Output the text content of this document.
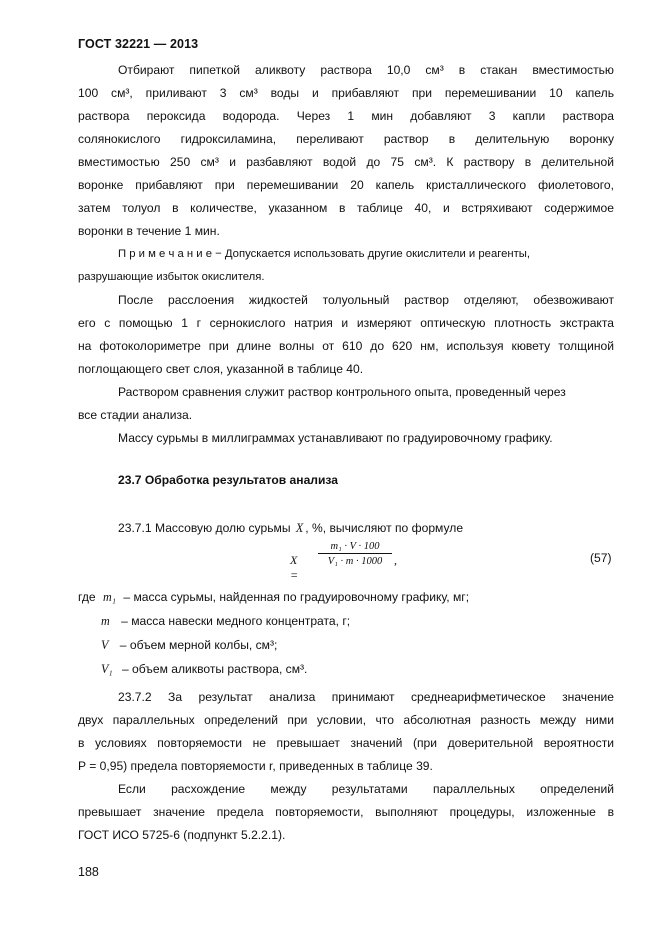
ГОСТ 32221 — 2013
Отбирают пипеткой аликвоту раствора 10,0 см³ в стакан вместимостью
100 см³, приливают 3 см³ воды и прибавляют при перемешивании 10 капель
раствора пероксида водорода. Через 1 мин добавляют 3 капли раствора
солянокислого гидроксиламина, переливают раствор в делительную воронку
вместимостью 250 см³ и разбавляют водой до 75 см³. К раствору в делительной
воронке прибавляют при перемешивании 20 капель кристаллического фиолетового,
затем толуол в количестве, указанном в таблице 40, и встряхивают содержимое
воронки в течение 1 мин.
П р и м е ч а н и е − Допускается использовать другие окислители и реагенты,
разрушающие избыток окислителя.
После расслоения жидкостей толуольный раствор отделяют, обезвоживают
его с помощью 1 г сернокислого натрия и измеряют оптическую плотность экстракта
на фотоколориметре при длине волны от 610 до 620 нм, используя кювету толщиной
поглощающего свет слоя, указанной в таблице 40.
Раствором сравнения служит раствор контрольного опыта, проведенный через
все стадии анализа.
Массу сурьмы в миллиграммах устанавливают по градуировочному графику.
23.7 Обработка результатов анализа
23.7.1 Массовую долю сурьмы X , %, вычисляют по формуле
X =
$\frac{\text{m₁ · V · 100}}{\text{V₁ · m · 1000}}$ ,	(57)
где m₁ – масса сурьмы, найденная по градуировочному графику, мг;
m – масса навески медного концентрата, г;
V – объем мерной колбы, см³;
V₁ – объем аликвоты раствора, см³.
23.7.2 За результат анализа принимают среднеарифметическое значение
двух параллельных определений при условии, что абсолютная разность между ними
в условиях повторяемости не превышает значений (при доверительной вероятности
P = 0,95) предела повторяемости r, приведенных в таблице 39.
Если расхождение между результатами параллельных определений
превышает значение предела повторяемости, выполняют процедуры, изложенные в
ГОСТ ИСО 5725-6 (подпункт 5.2.2.1).
188
